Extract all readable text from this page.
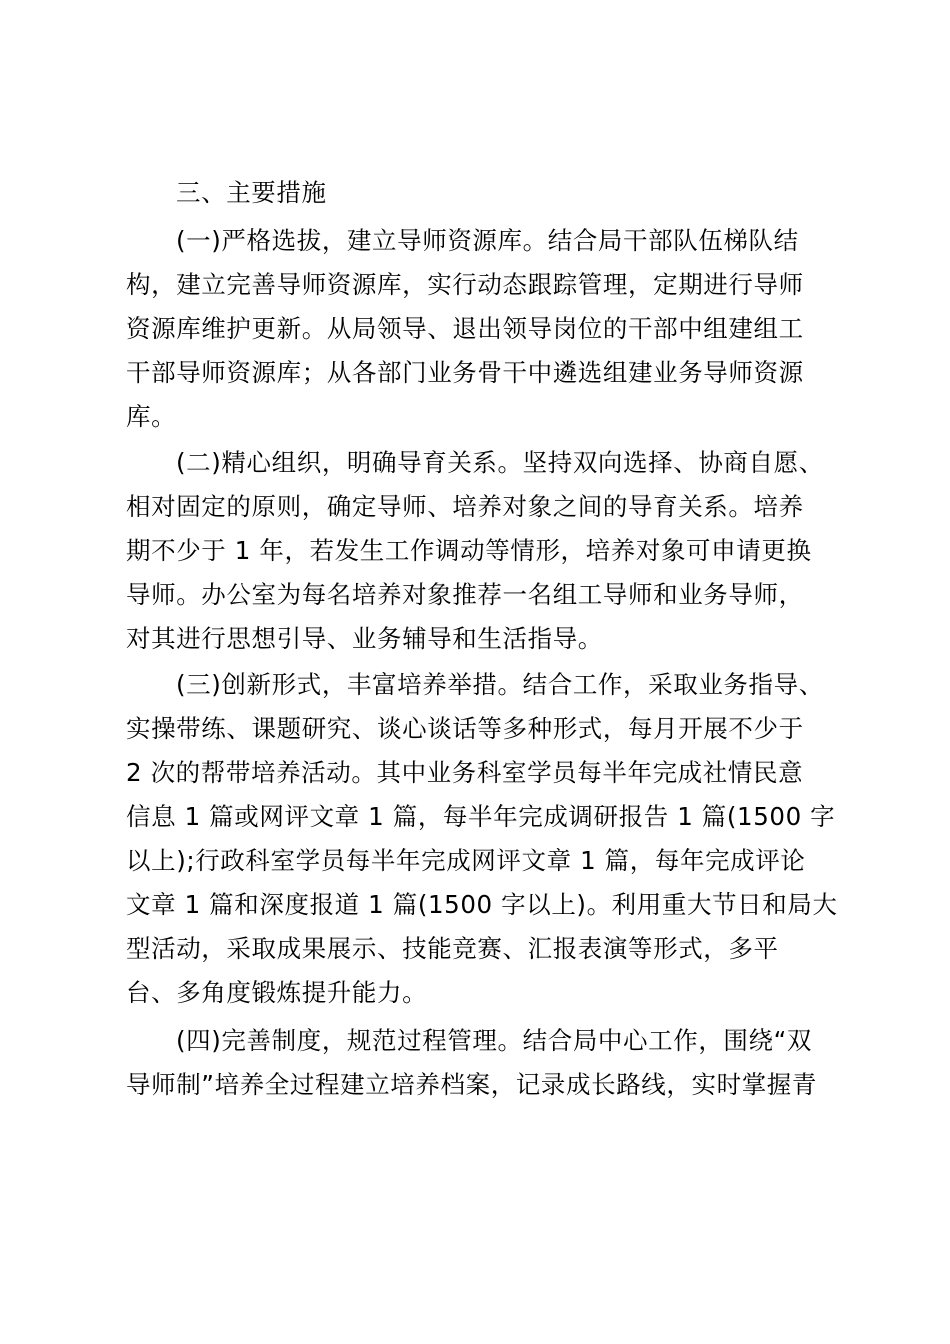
三、主要措施

(一)严格选拔，建立导师资源库。结合局干部队伍梯队结

构，建立完善导师资源库，实行动态跟踪管理，定期进行导师

资源库维护更新。从局领导、退出领导岗位的干部中组建组工

干部导师资源库；从各部门业务骨干中遴选组建业务导师资源

库。

(二)精心组织，明确导育关系。坚持双向选择、协商自愿、

相对固定的原则，确定导师、培养对象之间的导育关系。培养

期不少于 1 年，若发生工作调动等情形，培养对象可申请更换

导师。办公室为每名培养对象推荐一名组工导师和业务导师，

对其进行思想引导、业务辅导和生活指导。

(三)创新形式，丰富培养举措。结合工作，采取业务指导、

实操带练、课题研究、谈心谈话等多种形式，每月开展不少于

2 次的帮带培养活动。其中业务科室学员每半年完成社情民意

信息 1 篇或网评文章 1 篇，每半年完成调研报告 1 篇(1500 字

以上);行政科室学员每半年完成网评文章 1 篇，每年完成评论

文章 1 篇和深度报道 1 篇(1500 字以上)。利用重大节日和局大

型活动，采取成果展示、技能竞赛、汇报表演等形式，多平

台、多角度锻炼提升能力。

(四)完善制度，规范过程管理。结合局中心工作，围绕“双

导师制”培养全过程建立培养档案，记录成长路线，实时掌握青
